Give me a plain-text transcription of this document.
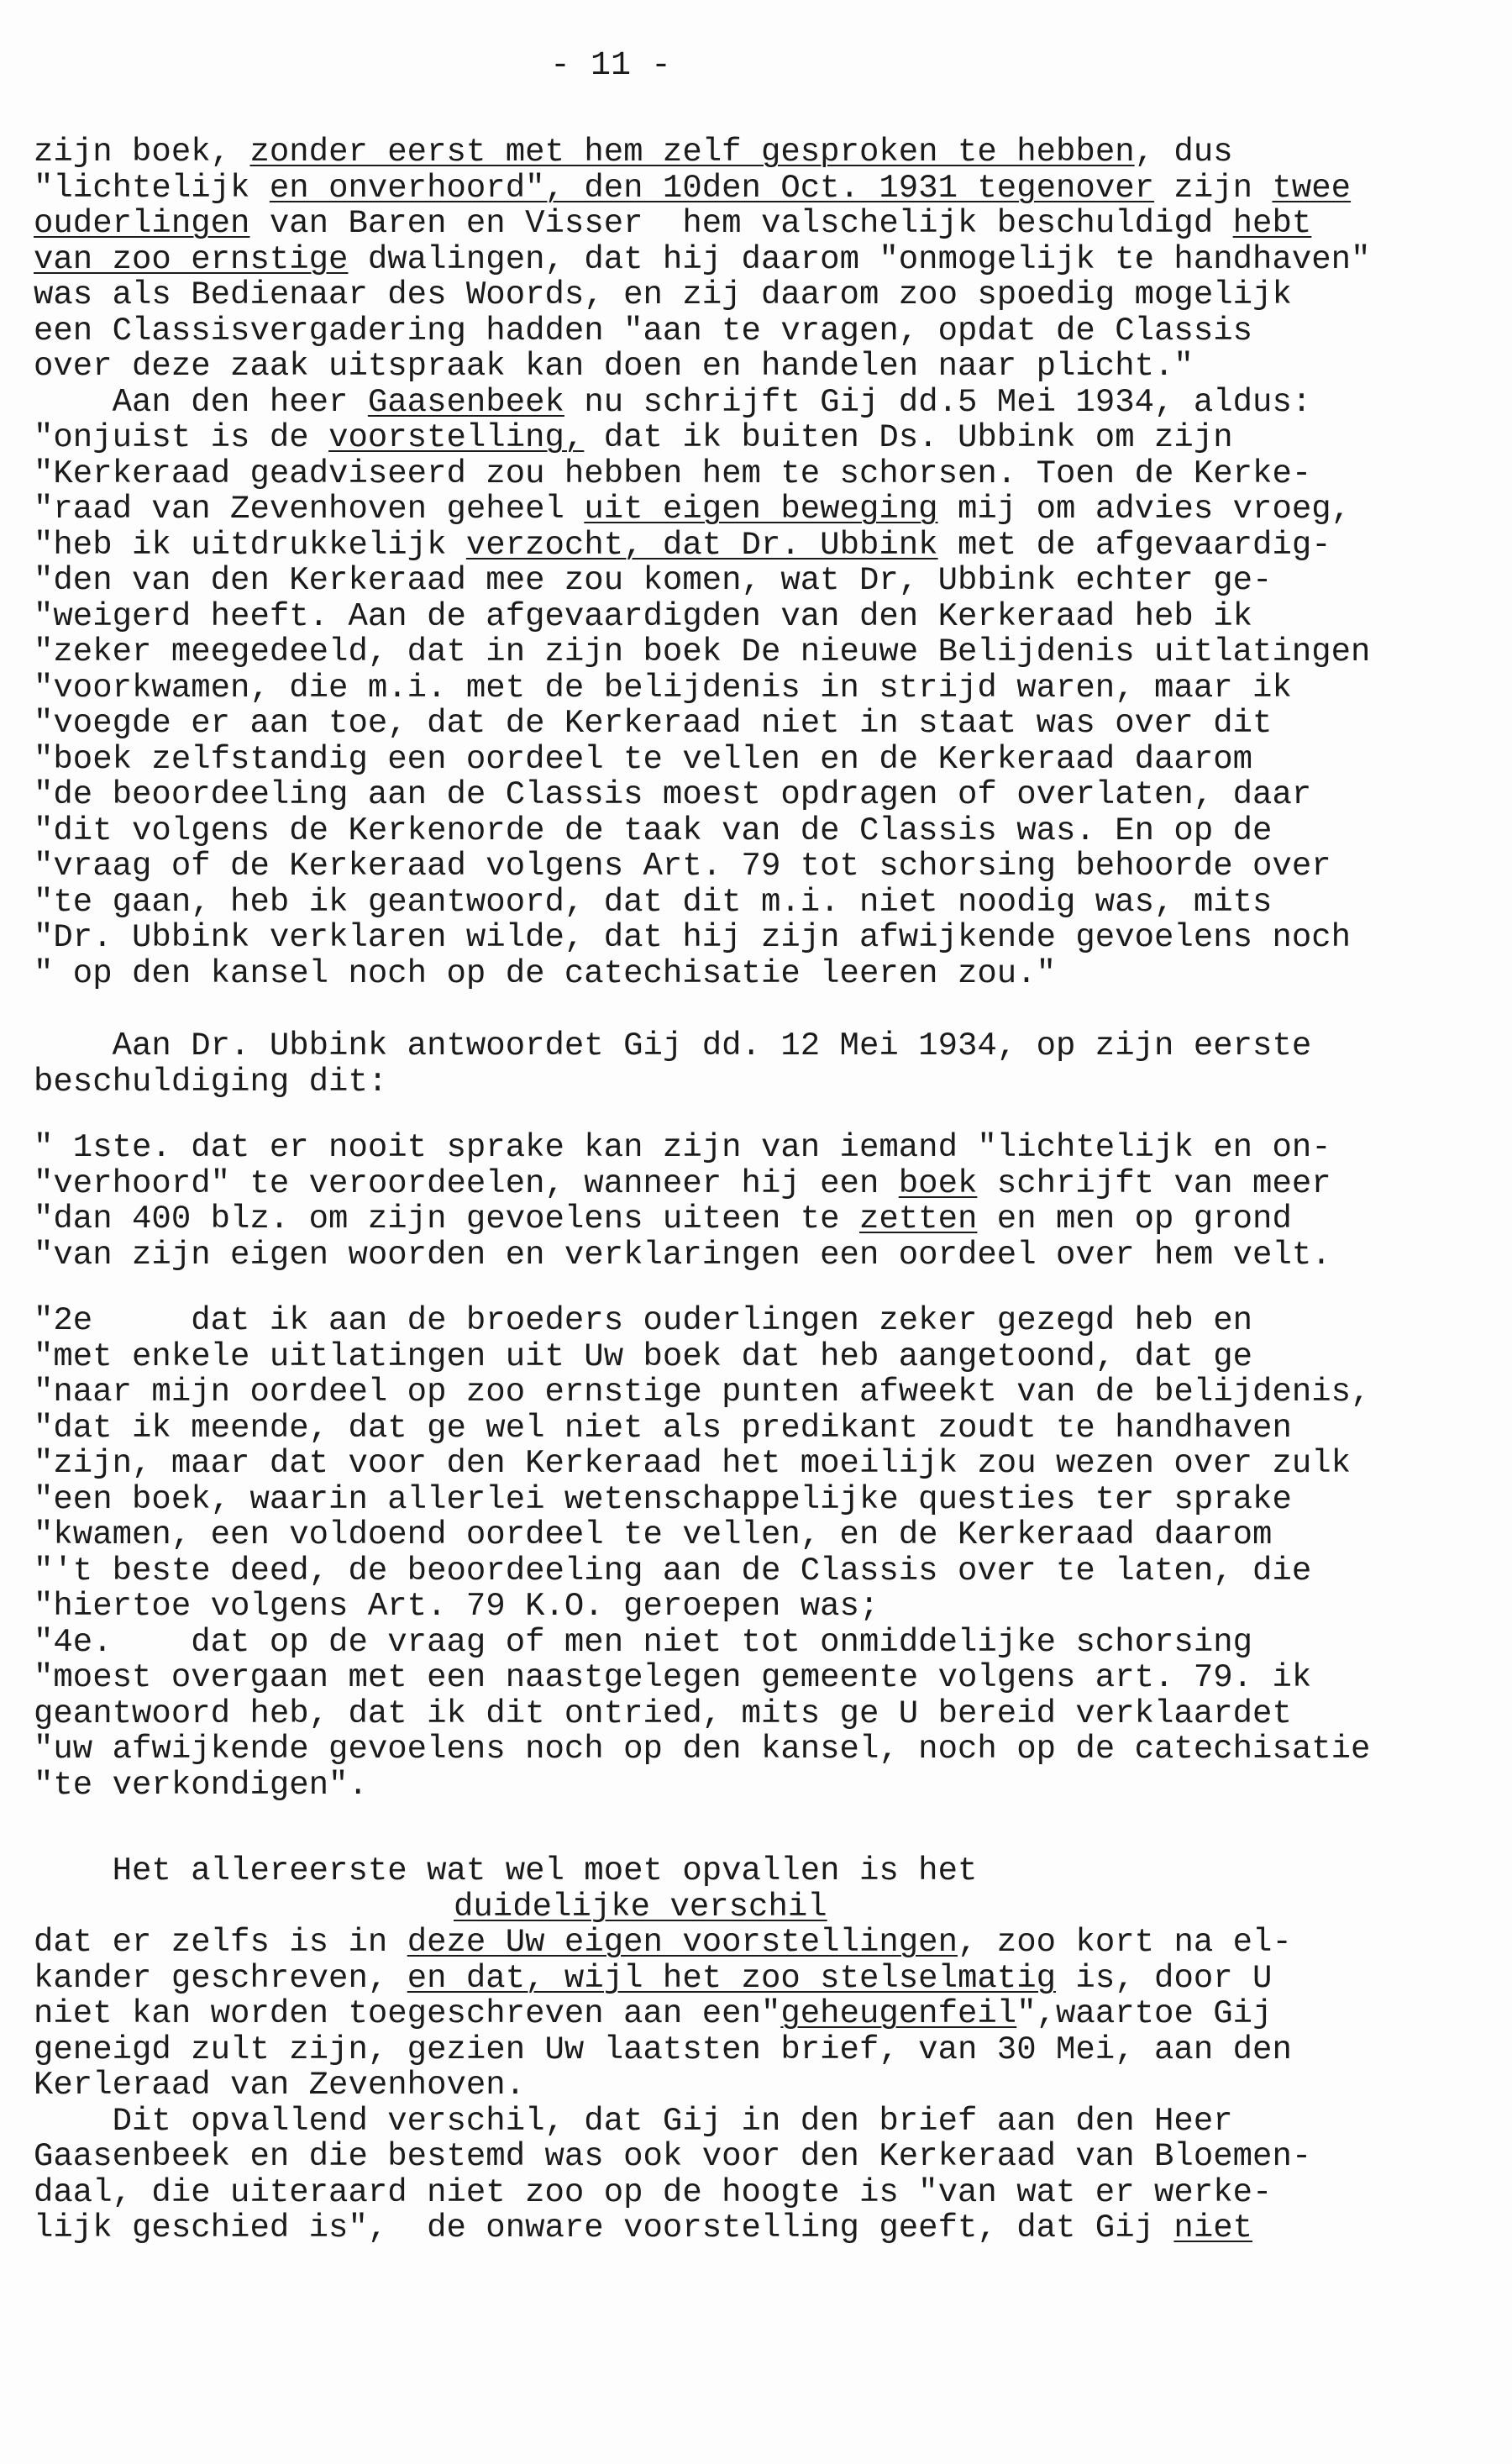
- 11 -
zijn boek, zonder eerst met hem zelf gesproken te hebben, dus
"lichtelijk en onverhoord", den 10den Oct. 1931 tegenover zijn twee
ouderlingen van Baren en Visser  hem valschelijk beschuldigd hebt
van zoo ernstige dwalingen, dat hij daarom "onmogelijk te handhaven"
was als Bedienaar des Woords, en zij daarom zoo spoedig mogelijk
een Classisvergadering hadden "aan te vragen, opdat de Classis
over deze zaak uitspraak kan doen en handelen naar plicht."
Aan den heer Gaasenbeek nu schrijft Gij dd.5 Mei 1934, aldus:
"onjuist is de voorstelling, dat ik buiten Ds. Ubbink om zijn
"Kerkeraad geadviseerd zou hebben hem te schorsen. Toen de Kerke-
"raad van Zevenhoven geheel uit eigen beweging mij om advies vroeg,
"heb ik uitdrukkelijk verzocht, dat Dr. Ubbink met de afgevaardig-
"den van den Kerkeraad mee zou komen, wat Dr, Ubbink echter ge-
"weigerd heeft. Aan de afgevaardigden van den Kerkeraad heb ik
"zeker meegedeeld, dat in zijn boek De nieuwe Belijdenis uitlatingen
"voorkwamen, die m.i. met de belijdenis in strijd waren, maar ik
"voegde er aan toe, dat de Kerkeraad niet in staat was over dit
"boek zelfstandig een oordeel te vellen en de Kerkeraad daarom
"de beoordeeling aan de Classis moest opdragen of overlaten, daar
"dit volgens de Kerkenorde de taak van de Classis was. En op de
"vraag of de Kerkeraad volgens Art. 79 tot schorsing behoorde over
"te gaan, heb ik geantwoord, dat dit m.i. niet noodig was, mits
"Dr. Ubbink verklaren wilde, dat hij zijn afwijkende gevoelens noch
" op den kansel noch op de catechisatie leeren zou."
Aan Dr. Ubbink antwoordet Gij dd. 12 Mei 1934, op zijn eerste
beschuldiging dit:
" 1ste. dat er nooit sprake kan zijn van iemand "lichtelijk en on-
"verhoord" te veroordeelen, wanneer hij een boek schrijft van meer
"dan 400 blz. om zijn gevoelens uiteen te zetten en men op grond
"van zijn eigen woorden en verklaringen een oordeel over hem velt.
"2e     dat ik aan de broeders ouderlingen zeker gezegd heb en
"met enkele uitlatingen uit Uw boek dat heb aangetoond, dat ge
"naar mijn oordeel op zoo ernstige punten afweekt van de belijdenis,
"dat ik meende, dat ge wel niet als predikant zoudt te handhaven
"zijn, maar dat voor den Kerkeraad het moeilijk zou wezen over zulk
"een boek, waarin allerlei wetenschappelijke questies ter sprake
"kwamen, een voldoend oordeel te vellen, en de Kerkeraad daarom
"'t beste deed, de beoordeeling aan de Classis over te laten, die
"hiertoe volgens Art. 79 K.O. geroepen was;
"4e.    dat op de vraag of men niet tot onmiddelijke schorsing
"moest overgaan met een naastgelegen gemeente volgens art. 79. ik
geantwoord heb, dat ik dit ontried, mits ge U bereid verklaardet
"uw afwijkende gevoelens noch op den kansel, noch op de catechisatie
"te verkondigen".
Het allereerste wat wel moet opvallen is het
duidelijke verschil
dat er zelfs is in deze Uw eigen voorstellingen, zoo kort na el-
kander geschreven, en dat, wijl het zoo stelselmatig is, door U
niet kan worden toegeschreven aan een"geheugenfeil",waartoe Gij
geneigd zult zijn, gezien Uw laatsten brief, van 30 Mei, aan den
Kerleraad van Zevenhoven.
Dit opvallend verschil, dat Gij in den brief aan den Heer
Gaasenbeek en die bestemd was ook voor den Kerkeraad van Bloemen-
daal, die uiteraard niet zoo op de hoogte is "van wat er werke-
lijk geschied is",  de onware voorstelling geeft, dat Gij niet
